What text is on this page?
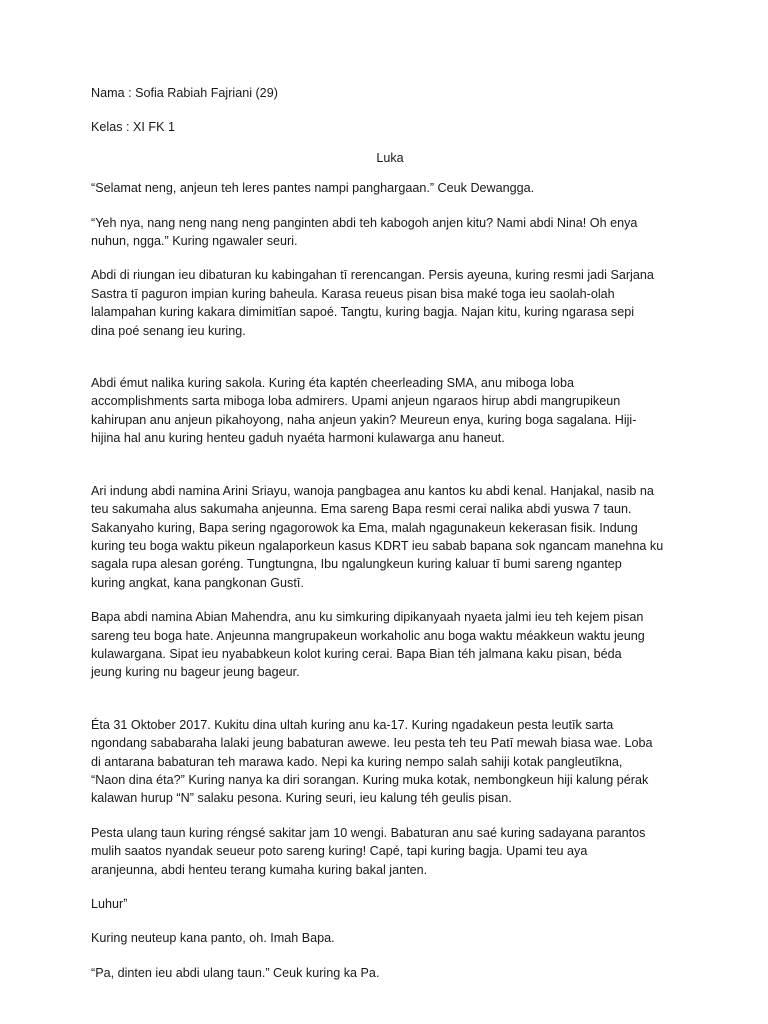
Nama : Sofia Rabiah Fajriani (29)

Kelas : XI FK 1

Luka

“Selamat neng, anjeun teh leres pantes nampi panghargaan.” Ceuk Dewangga.

“Yeh nya, nang neng nang neng panginten abdi teh kabogoh anjen kitu? Nami abdi Nina! Oh enya
nuhun, ngga.” Kuring ngawaler seuri.

Abdi di riungan ieu dibaturan ku kabingahan tī rerencangan. Persis ayeuna, kuring resmi jadi Sarjana
Sastra tī paguron impian kuring baheula. Karasa reueus pisan bisa maké toga ieu saolah-olah
lalampahan kuring kakara dimimitīan sapoé. Tangtu, kuring bagja. Najan kitu, kuring ngarasa sepi
dina poé senang ieu kuring.

Abdi émut nalika kuring sakola. Kuring éta kaptén cheerleading SMA, anu miboga loba
accomplishments sarta miboga loba admirers. Upami anjeun ngaraos hirup abdi mangrupikeun
kahirupan anu anjeun pikahoyong, naha anjeun yakin? Meureun enya, kuring boga sagalana. Hiji-
hijina hal anu kuring henteu gaduh nyaéta harmoni kulawarga anu haneut.

Ari indung abdi namina Arini Sriayu, wanoja pangbagea anu kantos ku abdi kenal. Hanjakal, nasib na
teu sakumaha alus sakumaha anjeunna. Ema sareng Bapa resmi cerai nalika abdi yuswa 7 taun.
Sakanyaho kuring, Bapa sering ngagorowok ka Ema, malah ngagunakeun kekerasan fisik. Indung
kuring teu boga waktu pikeun ngalaporkeun kasus KDRT ieu sabab bapana sok ngancam manehna ku
sagala rupa alesan goréng. Tungtungna, Ibu ngalungkeun kuring kaluar tī bumi sareng ngantep
kuring angkat, kana pangkonan Gustī.

Bapa abdi namina Abian Mahendra, anu ku simkuring dipikanyaah nyaeta jalmi ieu teh kejem pisan
sareng teu boga hate. Anjeunna mangrupakeun workaholic anu boga waktu méakkeun waktu jeung
kulawargana. Sipat ieu nyababkeun kolot kuring cerai. Bapa Bian téh jalmana kaku pisan, béda
jeung kuring nu bageur jeung bageur.

Éta 31 Oktober 2017. Kukitu dina ultah kuring anu ka-17. Kuring ngadakeun pesta leutīk sarta
ngondang sababaraha lalaki jeung babaturan awewe. Ieu pesta teh teu Patī mewah biasa wae. Loba
di antarana babaturan teh marawa kado. Nepi ka kuring nempo salah sahiji kotak pangleutīkna,
“Naon dina éta?” Kuring nanya ka diri sorangan. Kuring muka kotak, nembongkeun hiji kalung pérak
kalawan hurup “N” salaku pesona. Kuring seuri, ieu kalung téh geulis pisan.

Pesta ulang taun kuring réngsé sakitar jam 10 wengi. Babaturan anu saé kuring sadayana parantos
mulih saatos nyandak seueur poto sareng kuring! Capé, tapi kuring bagja. Upami teu aya
aranjeunna, abdi henteu terang kumaha kuring bakal janten.

Luhurˮ

Kuring neuteup kana panto, oh. Imah Bapa.

“Pa, dinten ieu abdi ulang taun.” Ceuk kuring ka Pa.
